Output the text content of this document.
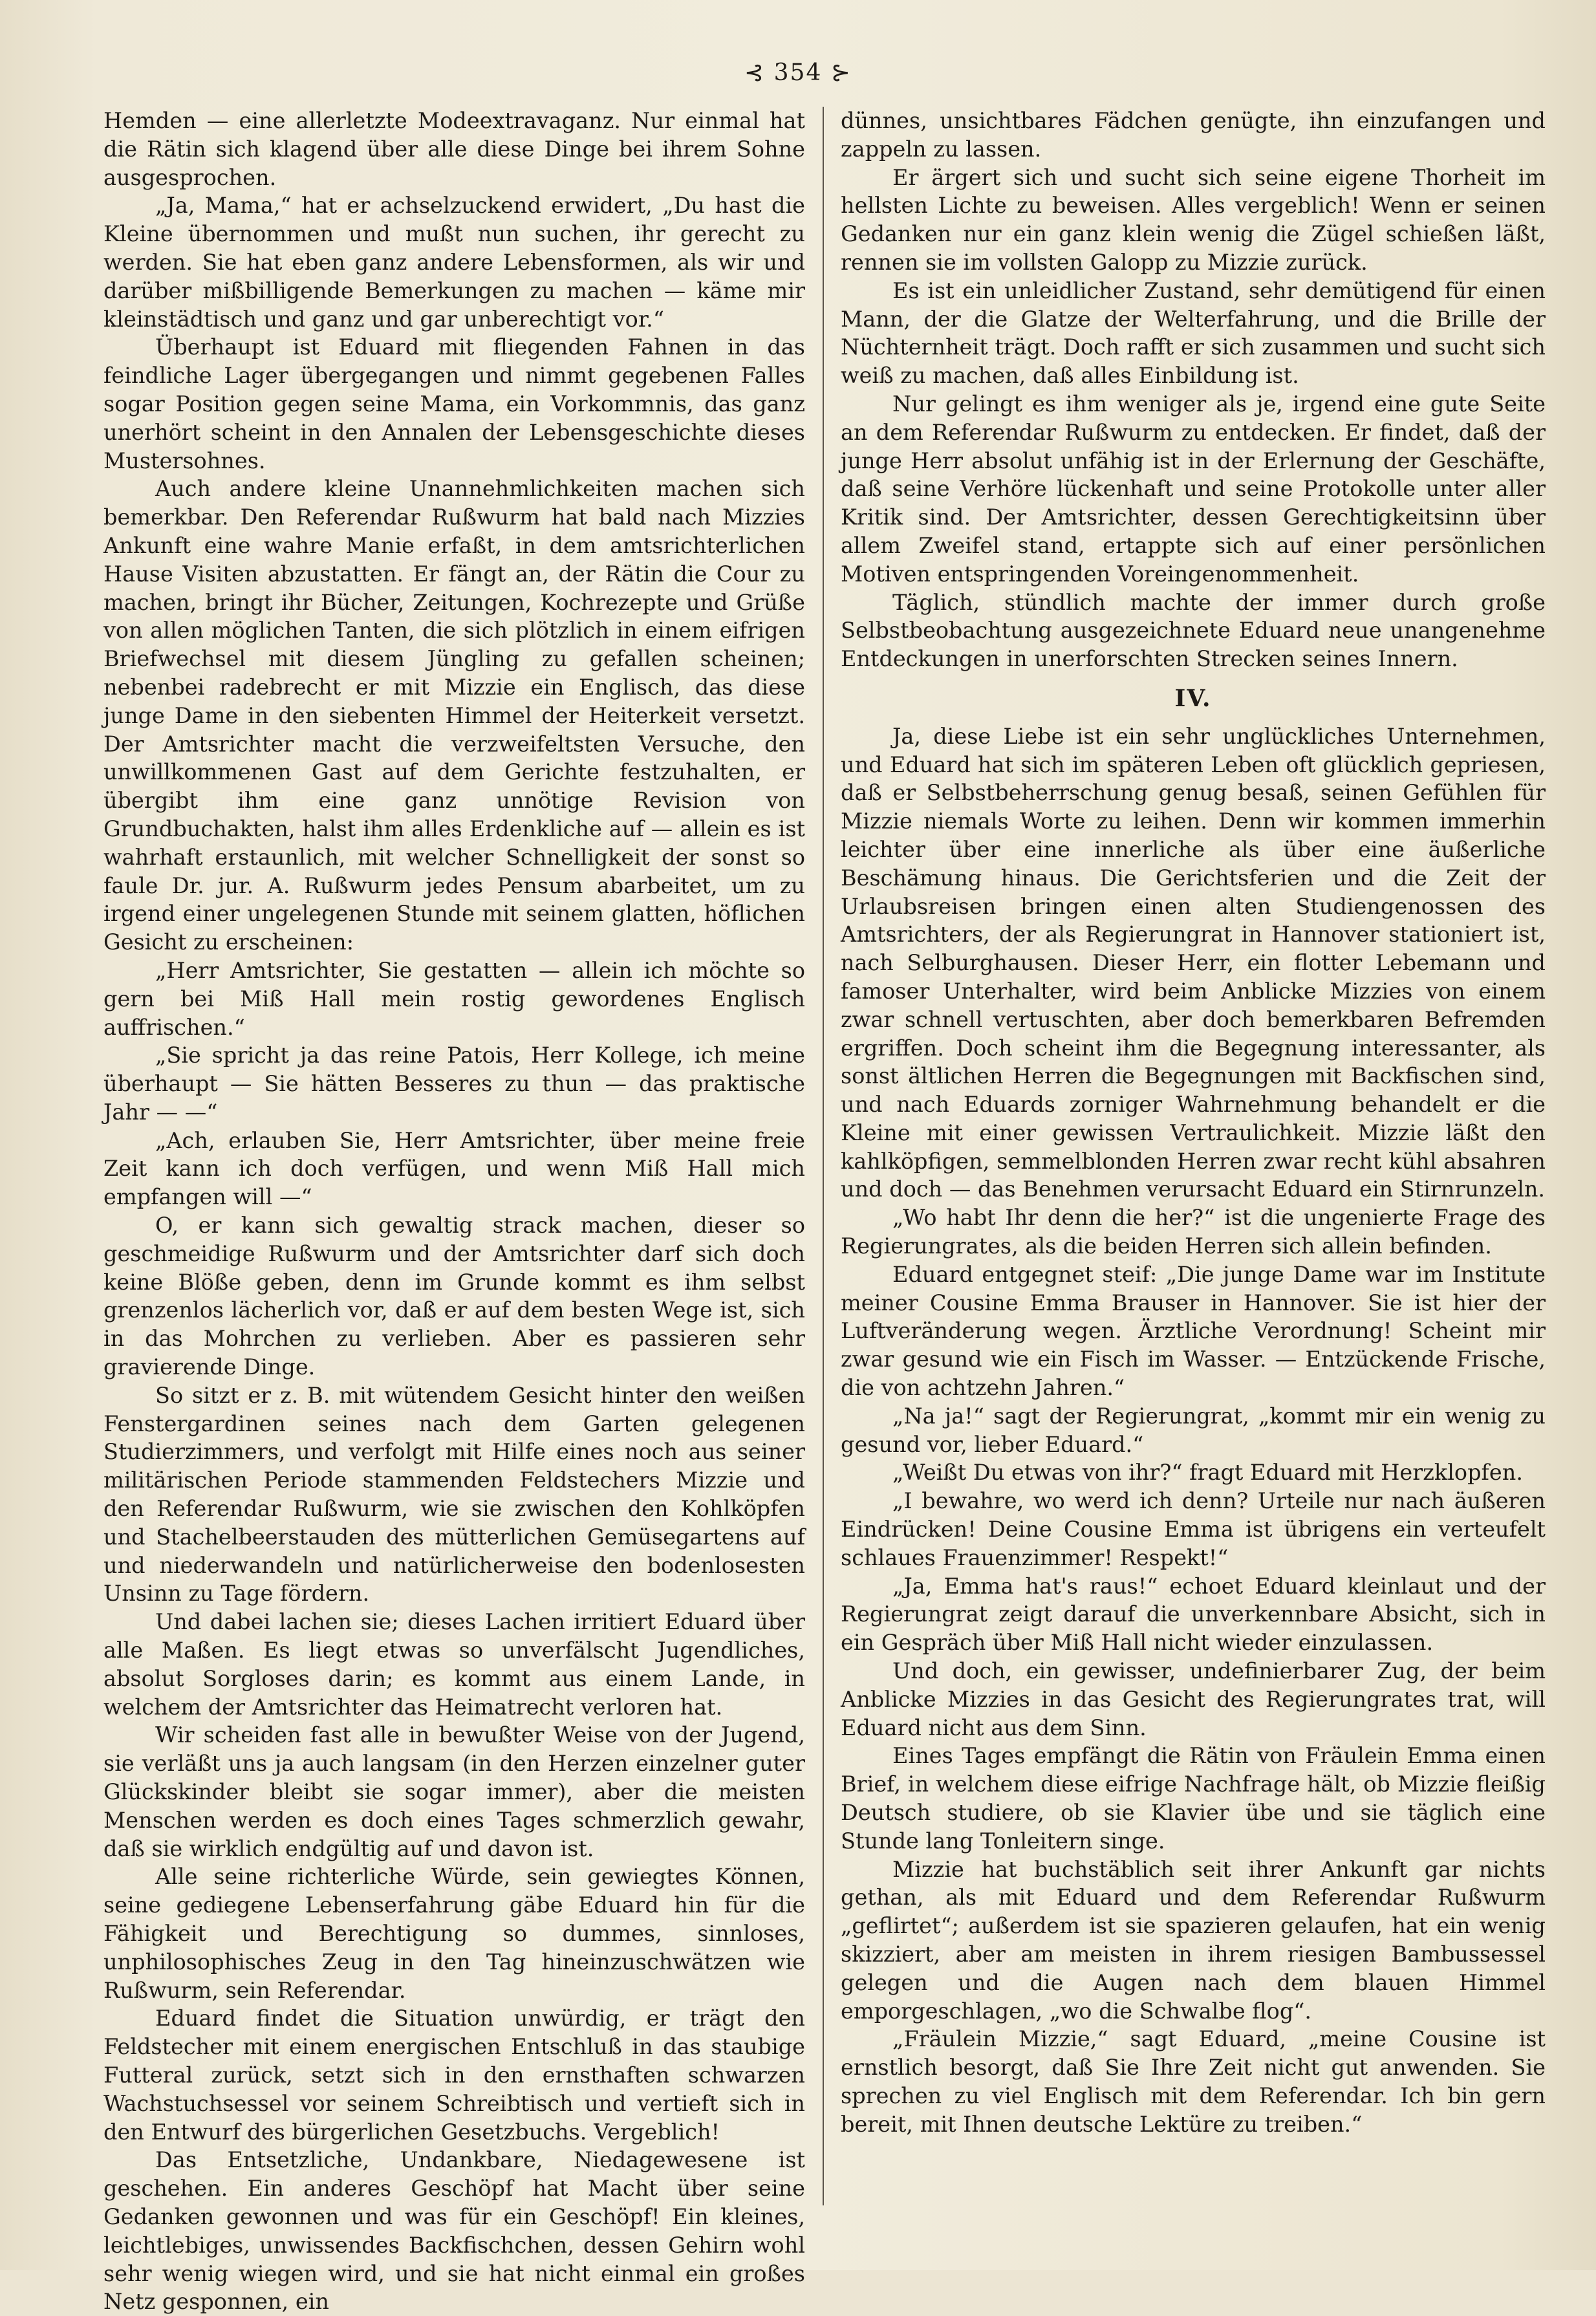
⊰ 354 ⊱

Hemden — eine allerletzte Modeextravaganz. Nur einmal hat die Rätin sich klagend über alle diese Dinge bei ihrem Sohne ausgesprochen.

„Ja, Mama,“ hat er achselzuckend erwidert, „Du hast die Kleine übernommen und mußt nun suchen, ihr gerecht zu werden. Sie hat eben ganz andere Lebensformen, als wir und darüber mißbilligende Bemerkungen zu machen — käme mir kleinstädtisch und ganz und gar unberechtigt vor.“

Überhaupt ist Eduard mit fliegenden Fahnen in das feindliche Lager übergegangen und nimmt gegebenen Falles sogar Position gegen seine Mama, ein Vorkommnis, das ganz unerhört scheint in den Annalen der Lebensgeschichte dieses Mustersohnes.

Auch andere kleine Unannehmlichkeiten machen sich bemerkbar. Den Referendar Rußwurm hat bald nach Mizzies Ankunft eine wahre Manie erfaßt, in dem amtsrichterlichen Hause Visiten abzustatten. Er fängt an, der Rätin die Cour zu machen, bringt ihr Bücher, Zeitungen, Kochrezepte und Grüße von allen möglichen Tanten, die sich plötzlich in einem eifrigen Briefwechsel mit diesem Jüngling zu gefallen scheinen; nebenbei radebrecht er mit Mizzie ein Englisch, das diese junge Dame in den siebenten Himmel der Heiterkeit versetzt. Der Amtsrichter macht die verzweifeltsten Versuche, den unwillkommenen Gast auf dem Gerichte festzuhalten, er übergibt ihm eine ganz unnötige Revision von Grundbuchakten, halst ihm alles Erdenkliche auf — allein es ist wahrhaft erstaunlich, mit welcher Schnelligkeit der sonst so faule Dr. jur. A. Rußwurm jedes Pensum abarbeitet, um zu irgend einer ungelegenen Stunde mit seinem glatten, höflichen Gesicht zu erscheinen:

„Herr Amtsrichter, Sie gestatten — allein ich möchte so gern bei Miß Hall mein rostig gewordenes Englisch auffrischen.“

„Sie spricht ja das reine Patois, Herr Kollege, ich meine überhaupt — Sie hätten Besseres zu thun — das praktische Jahr — —“

„Ach, erlauben Sie, Herr Amtsrichter, über meine freie Zeit kann ich doch verfügen, und wenn Miß Hall mich empfangen will —“

O, er kann sich gewaltig strack machen, dieser so geschmeidige Rußwurm und der Amtsrichter darf sich doch keine Blöße geben, denn im Grunde kommt es ihm selbst grenzenlos lächerlich vor, daß er auf dem besten Wege ist, sich in das Mohrchen zu verlieben. Aber es passieren sehr gravierende Dinge.

So sitzt er z. B. mit wütendem Gesicht hinter den weißen Fenstergardinen seines nach dem Garten gelegenen Studierzimmers, und verfolgt mit Hilfe eines noch aus seiner militärischen Periode stammenden Feldstechers Mizzie und den Referendar Rußwurm, wie sie zwischen den Kohlköpfen und Stachelbeerstauden des mütterlichen Gemüsegartens auf und niederwandeln und natürlicherweise den bodenlosesten Unsinn zu Tage fördern.

Und dabei lachen sie; dieses Lachen irritiert Eduard über alle Maßen. Es liegt etwas so unverfälscht Jugendliches, absolut Sorgloses darin; es kommt aus einem Lande, in welchem der Amtsrichter das Heimatrecht verloren hat.

Wir scheiden fast alle in bewußter Weise von der Jugend, sie verläßt uns ja auch langsam (in den Herzen einzelner guter Glückskinder bleibt sie sogar immer), aber die meisten Menschen werden es doch eines Tages schmerzlich gewahr, daß sie wirklich endgültig auf und davon ist.

Alle seine richterliche Würde, sein gewiegtes Können, seine gediegene Lebenserfahrung gäbe Eduard hin für die Fähigkeit und Berechtigung so dummes, sinnloses, unphilosophisches Zeug in den Tag hineinzuschwätzen wie Rußwurm, sein Referendar.

Eduard findet die Situation unwürdig, er trägt den Feldstecher mit einem energischen Entschluß in das staubige Futteral zurück, setzt sich in den ernsthaften schwarzen Wachstuchsessel vor seinem Schreibtisch und vertieft sich in den Entwurf des bürgerlichen Gesetzbuchs. Vergeblich!

Das Entsetzliche, Undankbare, Niedagewesene ist geschehen. Ein anderes Geschöpf hat Macht über seine Gedanken gewonnen und was für ein Geschöpf! Ein kleines, leichtlebiges, unwissendes Backfischchen, dessen Gehirn wohl sehr wenig wiegen wird, und sie hat nicht einmal ein großes Netz gesponnen, ein

dünnes, unsichtbares Fädchen genügte, ihn einzufangen und zappeln zu lassen.

Er ärgert sich und sucht sich seine eigene Thorheit im hellsten Lichte zu beweisen. Alles vergeblich! Wenn er seinen Gedanken nur ein ganz klein wenig die Zügel schießen läßt, rennen sie im vollsten Galopp zu Mizzie zurück.

Es ist ein unleidlicher Zustand, sehr demütigend für einen Mann, der die Glatze der Welterfahrung, und die Brille der Nüchternheit trägt. Doch rafft er sich zusammen und sucht sich weiß zu machen, daß alles Einbildung ist.

Nur gelingt es ihm weniger als je, irgend eine gute Seite an dem Referendar Rußwurm zu entdecken. Er findet, daß der junge Herr absolut unfähig ist in der Erlernung der Geschäfte, daß seine Verhöre lückenhaft und seine Protokolle unter aller Kritik sind. Der Amtsrichter, dessen Gerechtigkeitsinn über allem Zweifel stand, ertappte sich auf einer persönlichen Motiven entspringenden Voreingenommenheit.

Täglich, stündlich machte der immer durch große Selbstbeobachtung ausgezeichnete Eduard neue unangenehme Entdeckungen in unerforschten Strecken seines Innern.

IV.

Ja, diese Liebe ist ein sehr unglückliches Unternehmen, und Eduard hat sich im späteren Leben oft glücklich gepriesen, daß er Selbstbeherrschung genug besaß, seinen Gefühlen für Mizzie niemals Worte zu leihen. Denn wir kommen immerhin leichter über eine innerliche als über eine äußerliche Beschämung hinaus. Die Gerichtsferien und die Zeit der Urlaubsreisen bringen einen alten Studiengenossen des Amtsrichters, der als Regierungrat in Hannover stationiert ist, nach Selburghausen. Dieser Herr, ein flotter Lebemann und famoser Unterhalter, wird beim Anblicke Mizzies von einem zwar schnell vertuschten, aber doch bemerkbaren Befremden ergriffen. Doch scheint ihm die Begegnung interessanter, als sonst ältlichen Herren die Begegnungen mit Backfischen sind, und nach Eduards zorniger Wahrnehmung behandelt er die Kleine mit einer gewissen Vertraulichkeit. Mizzie läßt den kahlköpfigen, semmelblonden Herren zwar recht kühl absahren und doch — das Benehmen verursacht Eduard ein Stirnrunzeln.

„Wo habt Ihr denn die her?“ ist die ungenierte Frage des Regierungrates, als die beiden Herren sich allein befinden.

Eduard entgegnet steif: „Die junge Dame war im Institute meiner Cousine Emma Brauser in Hannover. Sie ist hier der Luftveränderung wegen. Ärztliche Verordnung! Scheint mir zwar gesund wie ein Fisch im Wasser. — Entzückende Frische, die von achtzehn Jahren.“

„Na ja!“ sagt der Regierungrat, „kommt mir ein wenig zu gesund vor, lieber Eduard.“

„Weißt Du etwas von ihr?“ fragt Eduard mit Herzklopfen.

„I bewahre, wo werd ich denn? Urteile nur nach äußeren Eindrücken! Deine Cousine Emma ist übrigens ein verteufelt schlaues Frauenzimmer! Respekt!“

„Ja, Emma hat's raus!“ echoet Eduard kleinlaut und der Regierungrat zeigt darauf die unverkennbare Absicht, sich in ein Gespräch über Miß Hall nicht wieder einzulassen.

Und doch, ein gewisser, undefinierbarer Zug, der beim Anblicke Mizzies in das Gesicht des Regierungrates trat, will Eduard nicht aus dem Sinn.

Eines Tages empfängt die Rätin von Fräulein Emma einen Brief, in welchem diese eifrige Nachfrage hält, ob Mizzie fleißig Deutsch studiere, ob sie Klavier übe und sie täglich eine Stunde lang Tonleitern singe.

Mizzie hat buchstäblich seit ihrer Ankunft gar nichts gethan, als mit Eduard und dem Referendar Rußwurm „geflirtet“; außerdem ist sie spazieren gelaufen, hat ein wenig skizziert, aber am meisten in ihrem riesigen Bambussessel gelegen und die Augen nach dem blauen Himmel emporgeschlagen, „wo die Schwalbe flog“.

„Fräulein Mizzie,“ sagt Eduard, „meine Cousine ist ernstlich besorgt, daß Sie Ihre Zeit nicht gut anwenden. Sie sprechen zu viel Englisch mit dem Referendar. Ich bin gern bereit, mit Ihnen deutsche Lektüre zu treiben.“
